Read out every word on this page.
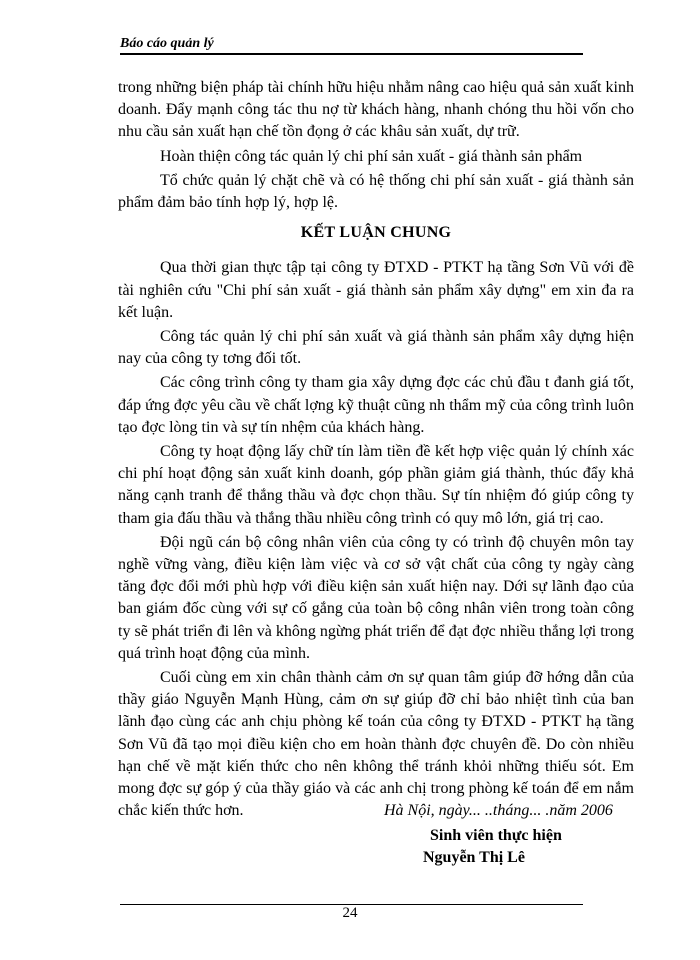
Báo cáo quản lý

trong những biện pháp tài chính hữu hiệu nhằm nâng cao hiệu quả sản xuất kinh doanh. Đẩy mạnh công tác thu nợ từ khách hàng, nhanh chóng thu hồi vốn cho nhu cầu sản xuất hạn chế tồn đọng ở các khâu sản xuất, dự trữ.

Hoàn thiện công tác quản lý chi phí sản xuất - giá thành sản phẩm

Tổ chức quản lý chặt chẽ và có hệ thống chi phí sản xuất - giá thành sản phẩm đảm bảo tính hợp lý, hợp lệ.

KẾT LUẬN CHUNG

Qua thời gian thực tập tại công ty ĐTXD - PTKT hạ tầng Sơn Vũ với đề tài nghiên cứu "Chi phí sản xuất - giá thành sản phẩm xây dựng" em xin đa ra kết luận.

Công tác quản lý chi phí sản xuất và giá thành sản phẩm xây dựng hiện nay của công ty tơng đối tốt.

Các công trình công ty tham gia xây dựng đợc các chủ đầu t đanh giá tốt, đáp ứng đợc yêu cầu về chất lợng kỹ thuật cũng nh thẩm mỹ của công trình luôn tạo đợc lòng tin và sự tín nhệm của khách hàng.

Công ty hoạt động lấy chữ tín làm tiền đề kết hợp việc quản lý chính xác chi phí hoạt động sản xuất kinh doanh, góp phần giảm giá thành, thúc đẩy khả năng cạnh tranh để thắng thầu và đợc chọn thầu. Sự tín nhiệm đó giúp công ty tham gia đấu thầu và thắng thầu nhiều công trình có quy mô lớn, giá trị cao.

Đội ngũ cán bộ công nhân viên của công ty có trình độ chuyên môn tay nghề vững vàng, điều kiện làm việc và cơ sở vật chất của công ty ngày càng tăng đợc đổi mới phù hợp với điều kiện sản xuất hiện nay. Dới sự lãnh đạo của ban giám đốc cùng với sự cố gắng của toàn bộ công nhân viên trong toàn công ty sẽ phát triển đi lên và không ngừng phát triển để đạt đợc nhiều thắng lợi trong quá trình hoạt động của mình.

Cuối cùng em xin chân thành cảm ơn sự quan tâm giúp đỡ hớng dẫn của thầy giáo Nguyễn Mạnh Hùng, cảm ơn sự giúp đỡ chỉ bảo nhiệt tình của ban lãnh đạo cùng các anh chịu phòng kế toán của công ty ĐTXD - PTKT hạ tầng Sơn Vũ đã tạo mọi điều kiện cho em hoàn thành đợc chuyên đề. Do còn nhiều hạn chế về mặt kiến thức cho nên không thể tránh khỏi những thiếu sót. Em mong đợc sự góp ý của thầy giáo và các anh chị trong phòng kế toán để em nắm chắc kiến thức hơn.	Hà Nội, ngày... ..tháng... .năm 2006
Sinh viên thực hiện
Nguyễn Thị Lê
24
